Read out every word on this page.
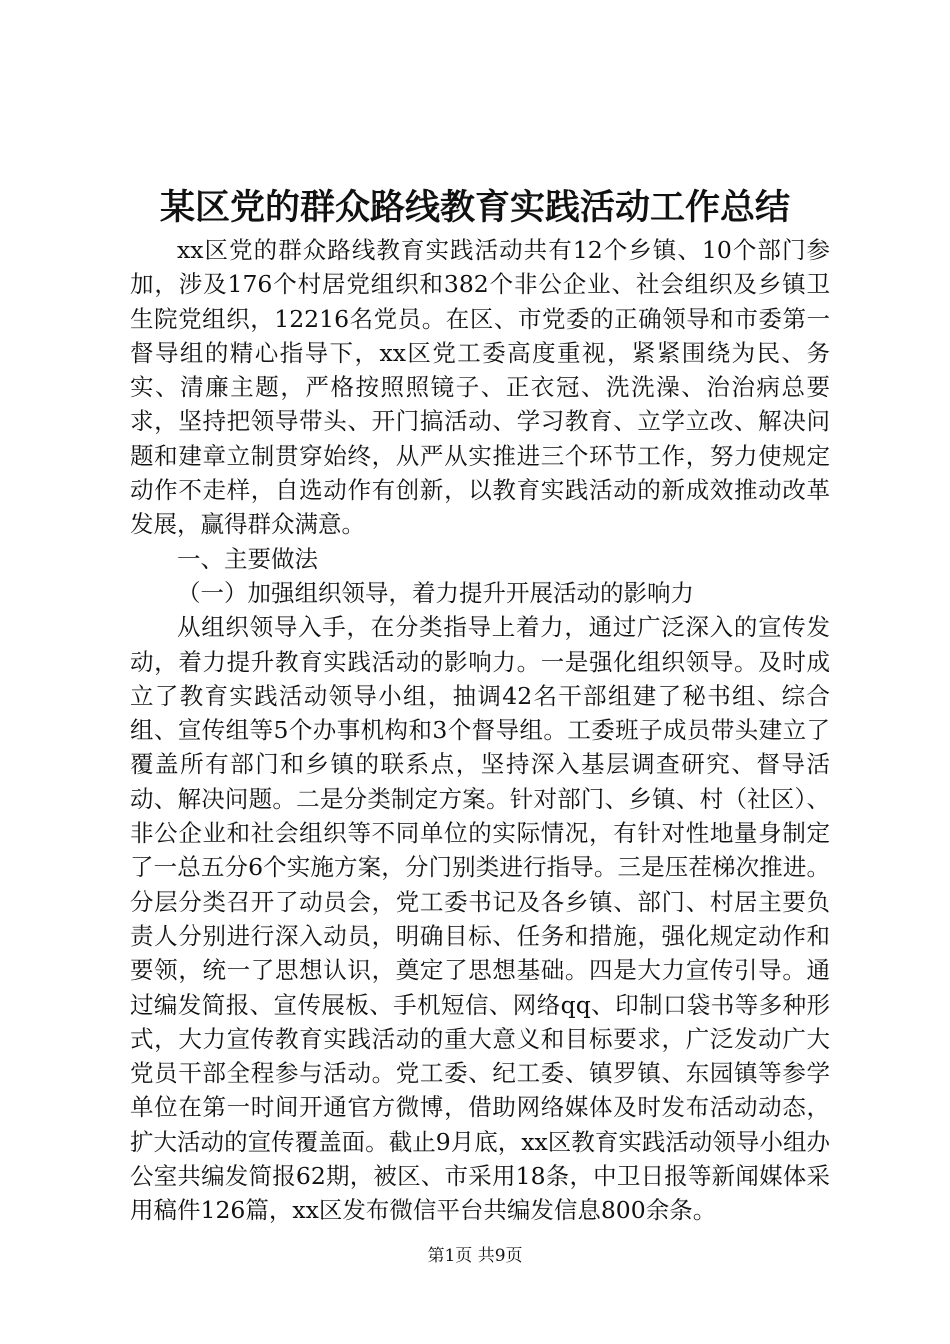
某区党的群众路线教育实践活动工作总结

xx区党的群众路线教育实践活动共有12个乡镇、10个部门参加，涉及176个村居党组织和382个非公企业、社会组织及乡镇卫生院党组织，12216名党员。在区、市党委的正确领导和市委第一督导组的精心指导下，xx区党工委高度重视，紧紧围绕为民、务实、清廉主题，严格按照照镜子、正衣冠、洗洗澡、治治病总要求，坚持把领导带头、开门搞活动、学习教育、立学立改、解决问题和建章立制贯穿始终，从严从实推进三个环节工作，努力使规定动作不走样，自选动作有创新，以教育实践活动的新成效推动改革发展，赢得群众满意。

一、主要做法

（一）加强组织领导，着力提升开展活动的影响力

从组织领导入手，在分类指导上着力，通过广泛深入的宣传发动，着力提升教育实践活动的影响力。一是强化组织领导。及时成立了教育实践活动领导小组，抽调42名干部组建了秘书组、综合组、宣传组等5个办事机构和3个督导组。工委班子成员带头建立了覆盖所有部门和乡镇的联系点，坚持深入基层调查研究、督导活动、解决问题。二是分类制定方案。针对部门、乡镇、村（社区）、非公企业和社会组织等不同单位的实际情况，有针对性地量身制定了一总五分6个实施方案，分门别类进行指导。三是压茬梯次推进。分层分类召开了动员会，党工委书记及各乡镇、部门、村居主要负责人分别进行深入动员，明确目标、任务和措施，强化规定动作和要领，统一了思想认识，奠定了思想基础。四是大力宣传引导。通过编发简报、宣传展板、手机短信、网络qq、印制口袋书等多种形式，大力宣传教育实践活动的重大意义和目标要求，广泛发动广大党员干部全程参与活动。党工委、纪工委、镇罗镇、东园镇等参学单位在第一时间开通官方微博，借助网络媒体及时发布活动动态，扩大活动的宣传覆盖面。截止9月底，xx区教育实践活动领导小组办公室共编发简报62期，被区、市采用18条，中卫日报等新闻媒体采用稿件126篇，xx区发布微信平台共编发信息800余条。

第1页 共9页
